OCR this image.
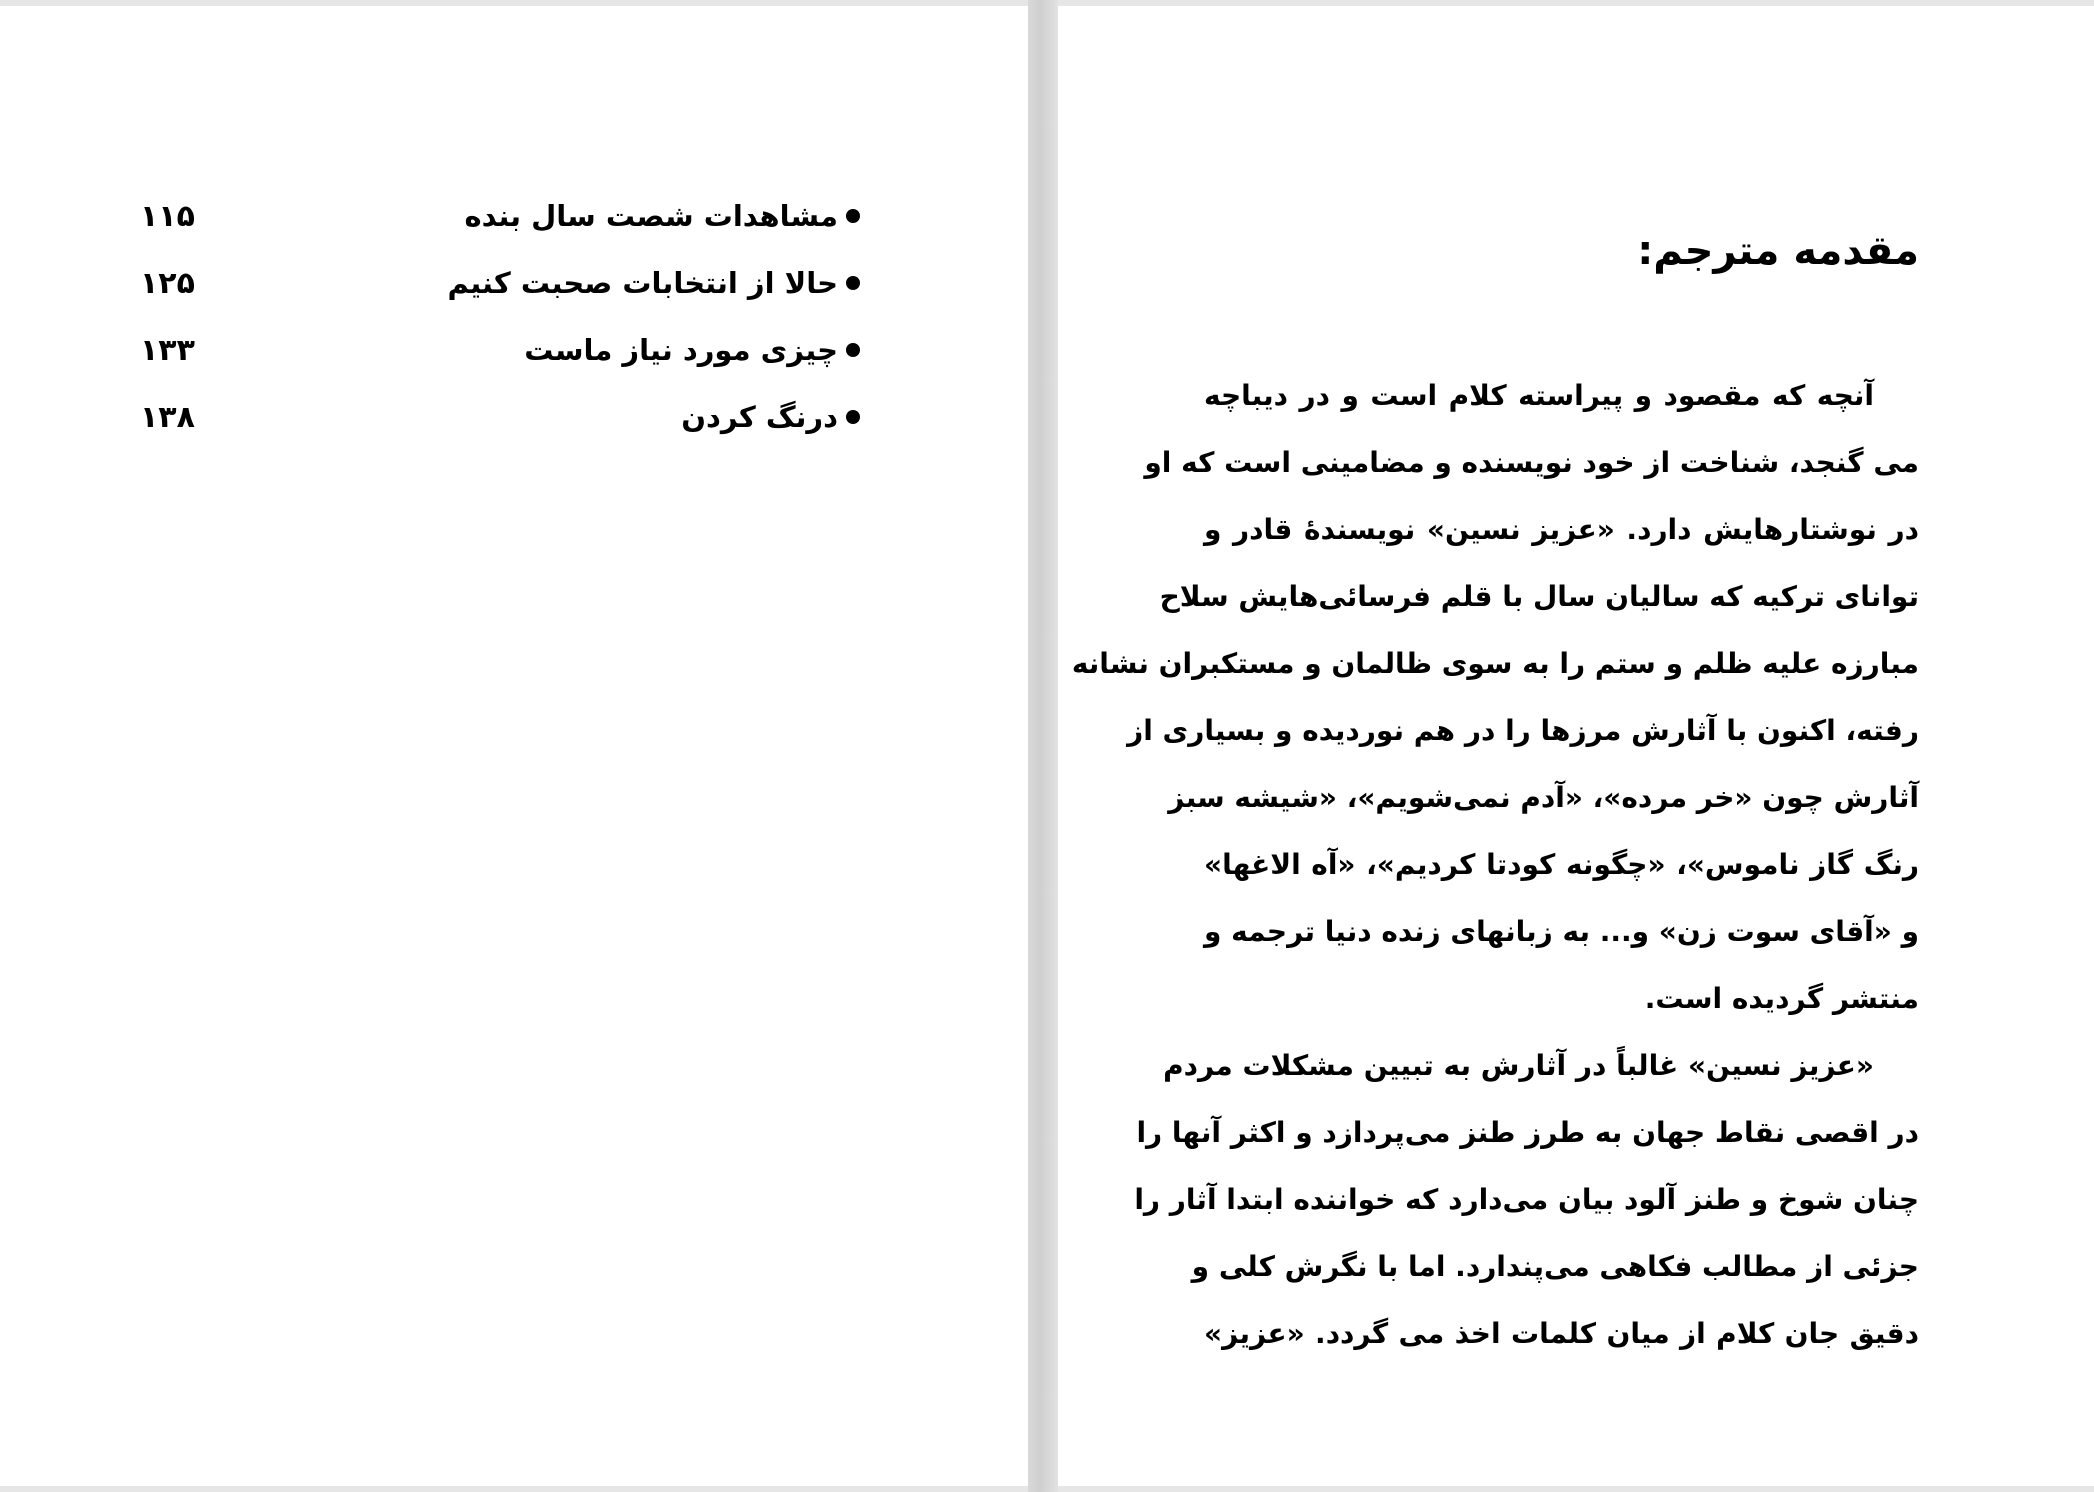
مشاهدات شصت سال بنده
۱۱۵
حالا از انتخابات صحبت کنیم
۱۲۵
چیزی مورد نیاز ماست
۱۳۳
درنگ کردن
۱۳۸
مقدمه مترجم:
آنچه که مقصود و پیراسته کلام است و در دیباچه
می گنجد، شناخت از خود نویسنده و مضامینی است که او
در نوشتارهایش دارد. «عزیز نسین» نویسندهٔ قادر و
توانای ترکیه که سالیان سال با قلم فرسائی‌هایش سلاح
مبارزه علیه ظلم و ستم را به سوی ظالمان و مستکبران نشانه
رفته، اکنون با آثارش مرزها را در هم نوردیده و بسیاری از
آثارش چون «خر مرده»، «آدم نمی‌شویم»، «شیشه سبز
رنگ گاز ناموس»، «چگونه کودتا کردیم»، «آه الاغها»
و «آقای سوت زن» و... به زبانهای زنده دنیا ترجمه و
منتشر گردیده است.
«عزیز نسین» غالباً در آثارش به تبیین مشکلات مردم
در اقصی نقاط جهان به طرز طنز می‌پردازد و اکثر آنها را
چنان شوخ و طنز آلود بیان می‌دارد که خواننده ابتدا آثار را
جزئی از مطالب فکاهی می‌پندارد. اما با نگرش کلی و
دقیق جان کلام از میان کلمات اخذ می گردد. «عزیز»
